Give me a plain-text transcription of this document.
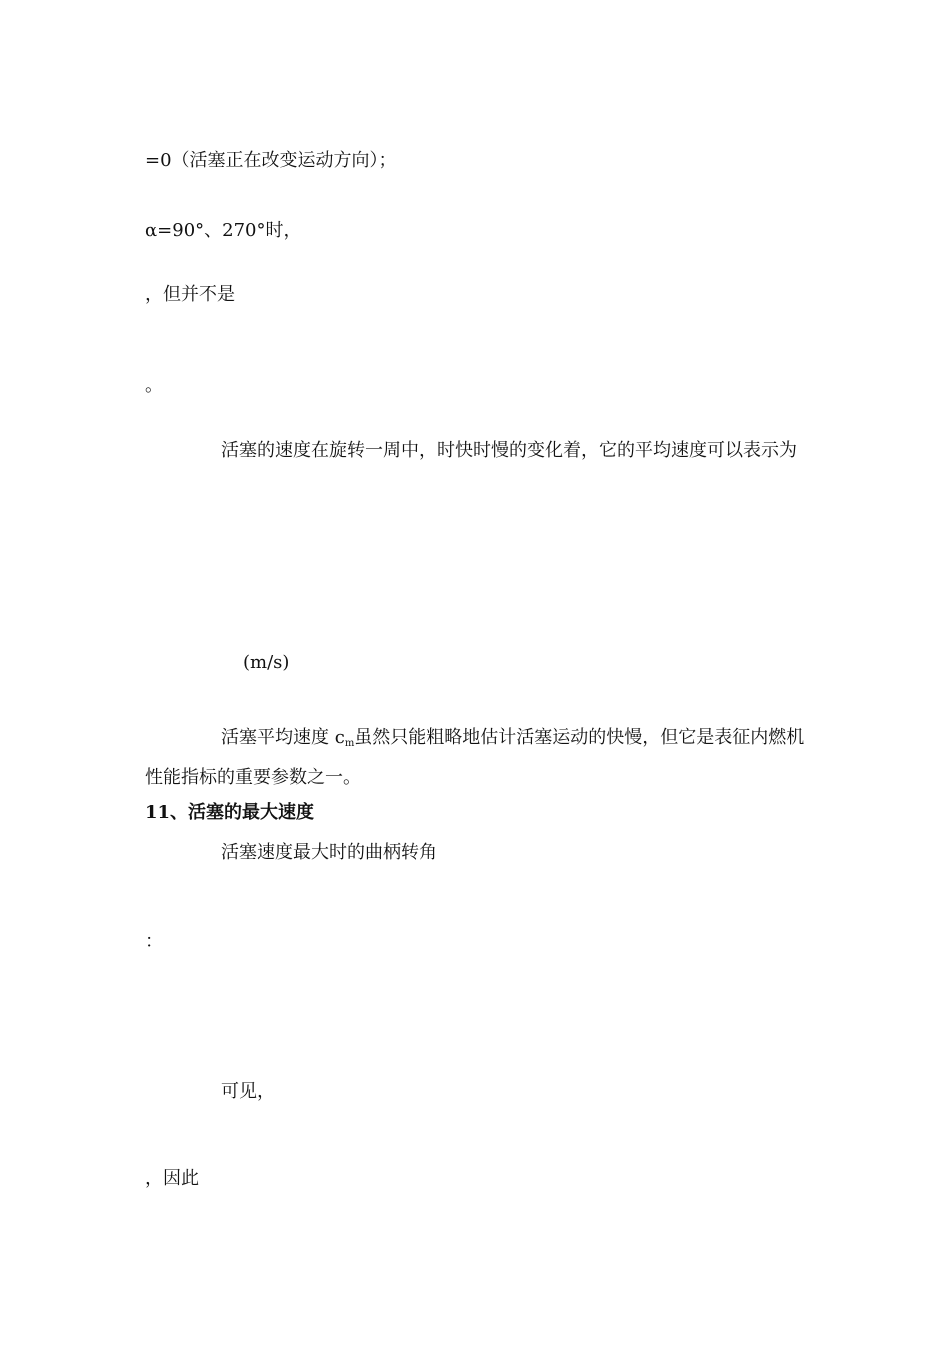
=0（活塞正在改变运动方向）；
α=90°、270°时，
，但并不是
。
活塞的速度在旋转一周中，时快时慢的变化着，它的平均速度可以表示为
(m/s)
活塞平均速度 $c_m$虽然只能粗略地估计活塞运动的快慢，但它是表征内燃机性能指标的重要参数之一。
11、活塞的最大速度
活塞速度最大时的曲柄转角
：
可见，
，因此
